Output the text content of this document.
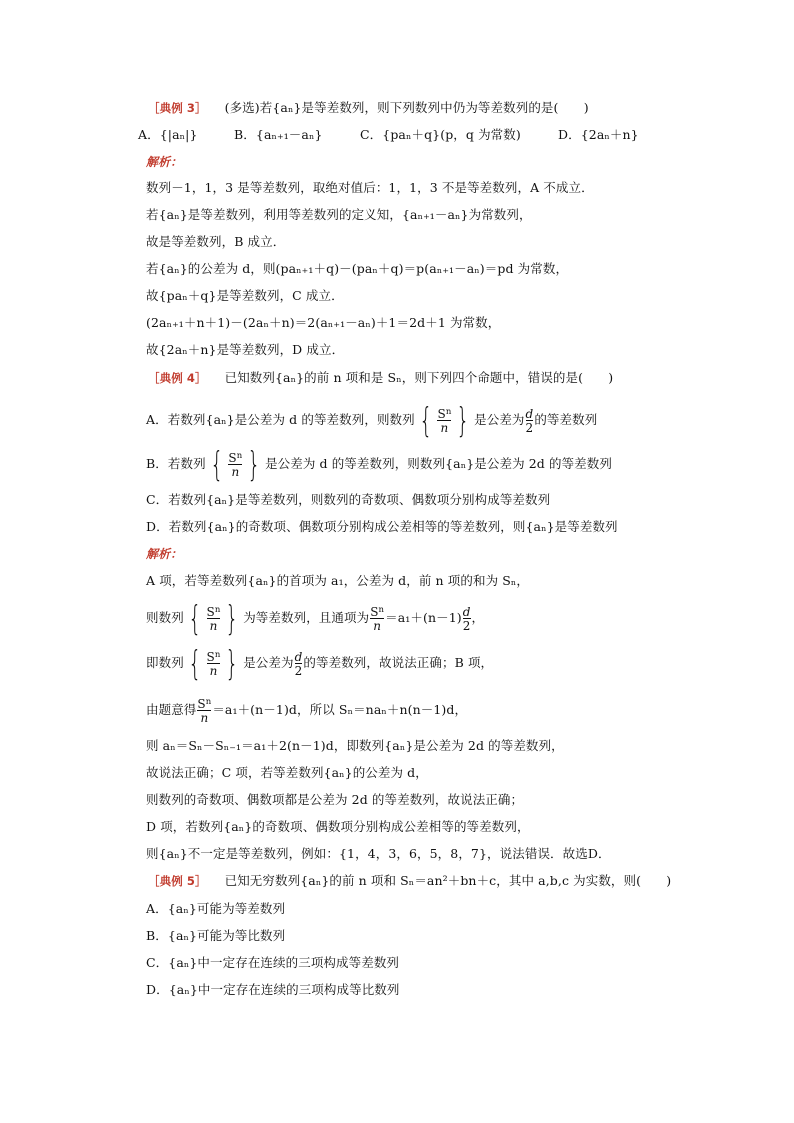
［典例 3］ (多选)若{aₙ}是等差数列，则下列数列中仍为等差数列的是(　　)
A．{|aₙ|}	B．{aₙ₊₁－aₙ}	C．{paₙ＋q}(p，q 为常数)	D．{2aₙ＋n}
解析：
数列－1，1，3 是等差数列，取绝对值后：1，1，3 不是等差数列，A 不成立．
若{aₙ}是等差数列，利用等差数列的定义知，{aₙ₊₁－aₙ}为常数列，
故是等差数列，B 成立．
若{aₙ}的公差为 d，则(paₙ₊₁＋q)－(paₙ＋q)＝p(aₙ₊₁－aₙ)＝pd 为常数，
故{paₙ＋q}是等差数列，C 成立．
(2aₙ₊₁＋n＋1)－(2aₙ＋n)＝2(aₙ₊₁－aₙ)＋1＝2d＋1 为常数，
故{2aₙ＋n}是等差数列，D 成立．
［典例 4］ 已知数列{aₙ}的前 n 项和是 Sₙ，则下列四个命题中，错误的是(　　)
A．若数列{aₙ}是公差为 d 的等差数列，则数列 { $\frac{S^n}{n}$ } 是公差为 $\frac{d}{2}$ 的等差数列
B．若数列 { $\frac{S^n}{n}$ } 是公差为 d 的等差数列，则数列{aₙ}是公差为 2d 的等差数列
C．若数列{aₙ}是等差数列，则数列的奇数项、偶数项分别构成等差数列
D．若数列{aₙ}的奇数项、偶数项分别构成公差相等的等差数列，则{aₙ}是等差数列
解析：
A 项，若等差数列{aₙ}的首项为 a₁，公差为 d，前 n 项的和为 Sₙ，
则数列 { $\frac{S^n}{n}$ } 为等差数列，且通项为 $\frac{S^n}{n} =a_1+(n-1) \frac{d}{2}$ ，
即数列 { $\frac{S^n}{n}$ } 是公差为 $\frac{d}{2}$ 的等差数列，故说法正确；B 项，
由题意得 $\frac{S^n}{n} =a_1+(n-1)d$，所以 Sₙ＝naₙ＋n(n－1)d，
则 aₙ＝Sₙ－Sₙ₋₁＝a₁＋2(n－1)d，即数列{aₙ}是公差为 2d 的等差数列，
故说法正确；C 项，若等差数列{aₙ}的公差为 d，
则数列的奇数项、偶数项都是公差为 2d 的等差数列，故说法正确；
D 项，若数列{aₙ}的奇数项、偶数项分别构成公差相等的等差数列，
则{aₙ}不一定是等差数列，例如：{1，4，3，6，5，8，7}，说法错误．故选D．
［典例 5］ 已知无穷数列{aₙ}的前 n 项和 Sₙ＝an²＋bn＋c，其中 a,b,c 为实数，则(　　)
A．{aₙ}可能为等差数列
B．{aₙ}可能为等比数列
C．{aₙ}中一定存在连续的三项构成等差数列
D．{aₙ}中一定存在连续的三项构成等比数列
